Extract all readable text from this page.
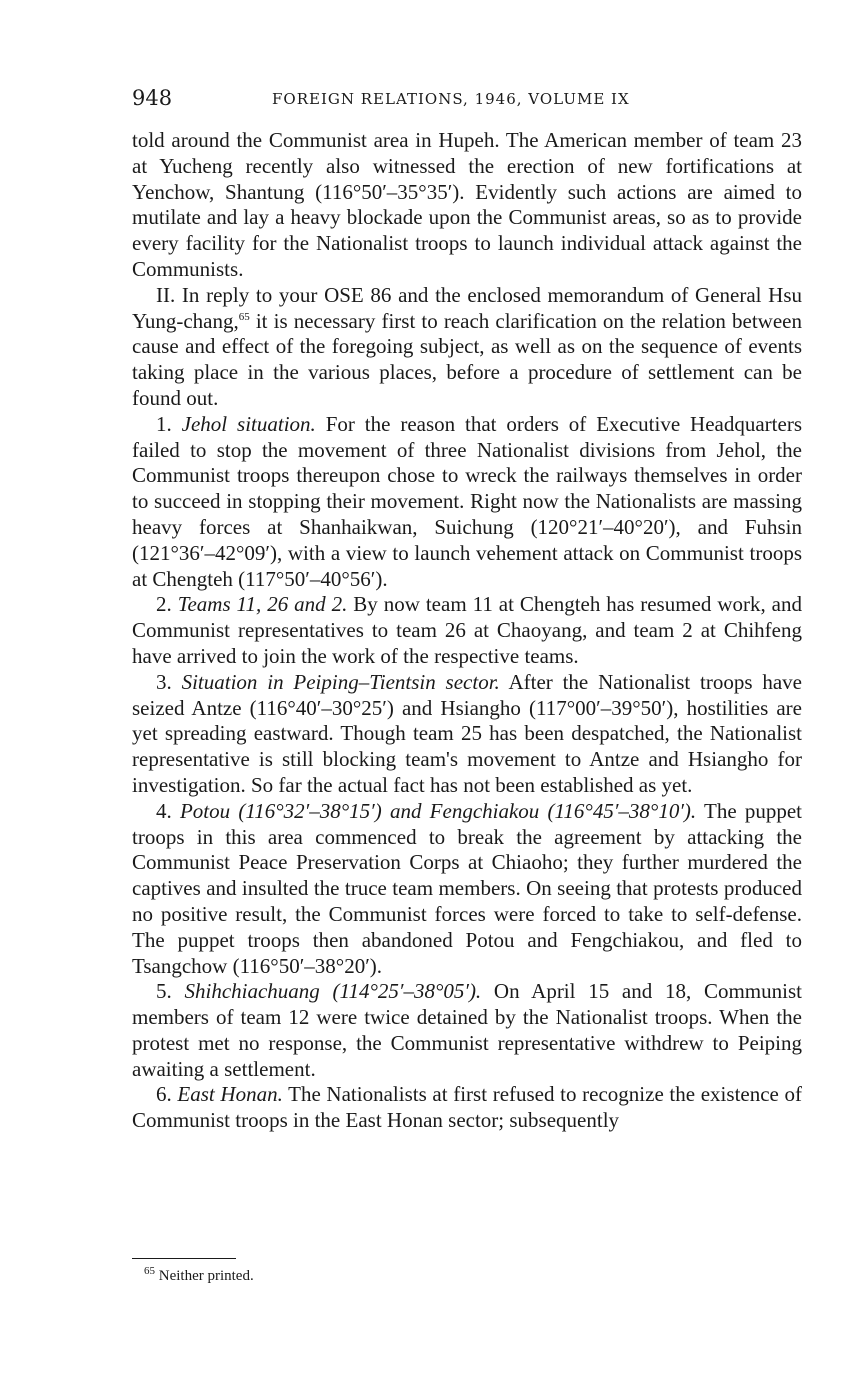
948	FOREIGN RELATIONS, 1946, VOLUME IX

told around the Communist area in Hupeh. The American member of team 23 at Yucheng recently also witnessed the erection of new fortifications at Yenchow, Shantung (116°50′–35°35′). Evidently such actions are aimed to mutilate and lay a heavy blockade upon the Communist areas, so as to provide every facility for the Nationalist troops to launch individual attack against the Communists.

II. In reply to your OSE 86 and the enclosed memorandum of General Hsu Yung-chang,$^{65}$ it is necessary first to reach clarification on the relation between cause and effect of the foregoing subject, as well as on the sequence of events taking place in the various places, before a procedure of settlement can be found out.

1. Jehol situation. For the reason that orders of Executive Headquarters failed to stop the movement of three Nationalist divisions from Jehol, the Communist troops thereupon chose to wreck the railways themselves in order to succeed in stopping their movement. Right now the Nationalists are massing heavy forces at Shanhaikwan, Suichung (120°21′–40°20′), and Fuhsin (121°36′–42°09′), with a view to launch vehement attack on Communist troops at Chengteh (117°50′–40°56′).

2. Teams 11, 26 and 2. By now team 11 at Chengteh has resumed work, and Communist representatives to team 26 at Chaoyang, and team 2 at Chihfeng have arrived to join the work of the respective teams.

3. Situation in Peiping–Tientsin sector. After the Nationalist troops have seized Antze (116°40′–30°25′) and Hsiangho (117°00′–39°50′), hostilities are yet spreading eastward. Though team 25 has been despatched, the Nationalist representative is still blocking team's movement to Antze and Hsiangho for investigation. So far the actual fact has not been established as yet.

4. Potou (116°32′–38°15′) and Fengchiakou (116°45′–38°10′). The puppet troops in this area commenced to break the agreement by attacking the Communist Peace Preservation Corps at Chiaoho; they further murdered the captives and insulted the truce team members. On seeing that protests produced no positive result, the Communist forces were forced to take to self-defense. The puppet troops then abandoned Potou and Fengchiakou, and fled to Tsangchow (116°50′–38°20′).

5. Shihchiachuang (114°25′–38°05′). On April 15 and 18, Communist members of team 12 were twice detained by the Nationalist troops. When the protest met no response, the Communist representative withdrew to Peiping awaiting a settlement.

6. East Honan. The Nationalists at first refused to recognize the existence of Communist troops in the East Honan sector; subsequently

$^{65}$ Neither printed.
